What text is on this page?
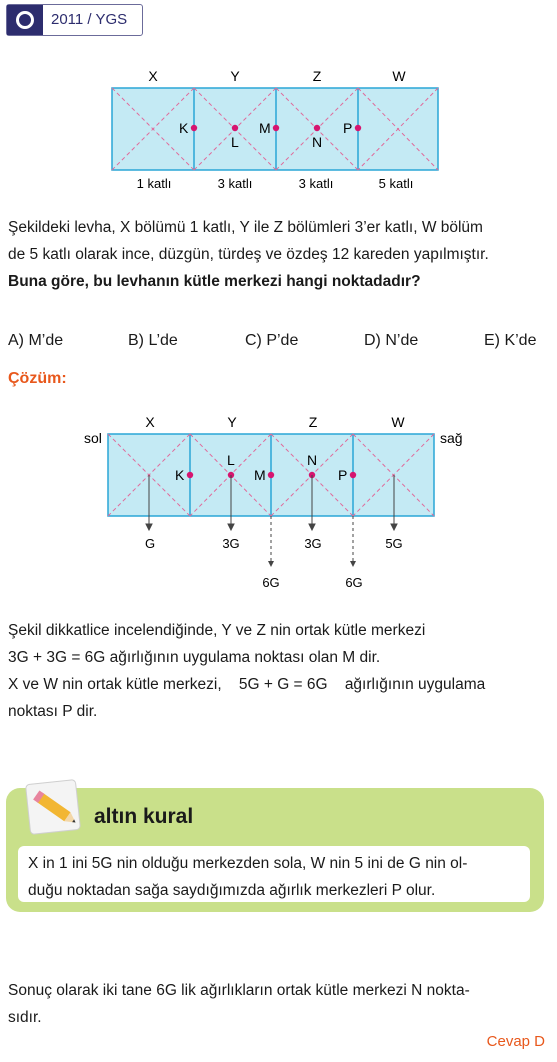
2011 / YGS
X	Y	Z	W
K
L
M
N
P
1 katlı	3 katlı	3 katlı	5 katlı
Şekildeki levha, X bölümü 1 katlı, Y ile Z bölümleri 3’er katlı, W bölüm
de 5 katlı olarak ince, düzgün, türdeş ve özdeş 12 kareden yapılmıştır.
Buna göre, bu levhanın kütle merkezi hangi noktadadır?
A) M’de	B) L’de	C) P’de	D) N’de	E) K’de
Çözüm:
X	Y	Z	W
sol	sağ
K
L
M
N
P
G	3G	3G	5G
6G	6G
Şekil dikkatlice incelendiğinde, Y ve Z nin ortak kütle merkezi
3G + 3G = 6G ağırlığının uygulama noktası olan M dir.
X ve W nin ortak kütle merkezi,    5G + G = 6G    ağırlığının uygulama
noktası P dir.
altın kural
X in 1 ini 5G nin olduğu merkezden sola, W nin 5 ini de G nin ol-
duğu noktadan sağa saydığımızda ağırlık merkezleri P olur.
Sonuç olarak iki tane 6G lik ağırlıkların ortak kütle merkezi N nokta-
sıdır.
Cevap D
